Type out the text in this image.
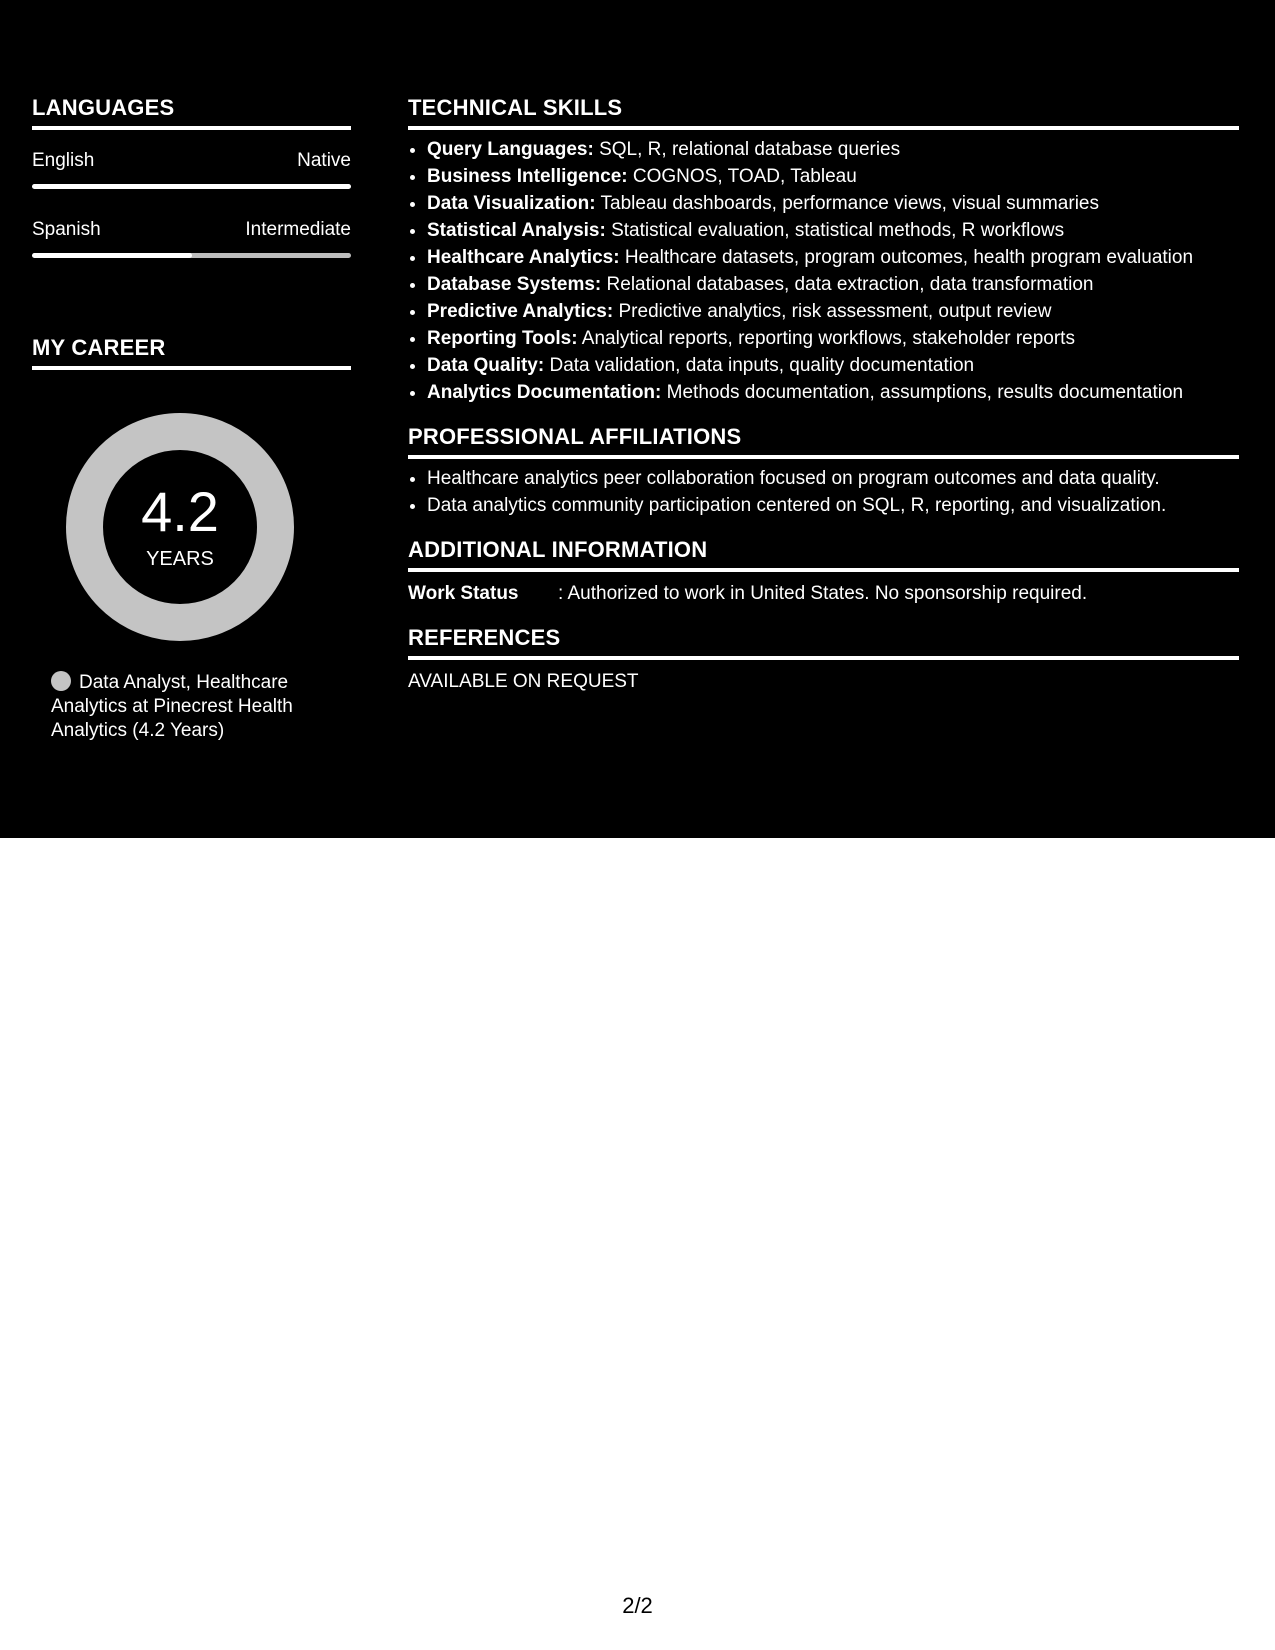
LANGUAGES
English	Native
Spanish	Intermediate
MY CAREER
4.2
YEARS
Data Analyst, Healthcare Analytics at Pinecrest Health Analytics (4.2 Years)
TECHNICAL SKILLS
• Query Languages: SQL, R, relational database queries
• Business Intelligence: COGNOS, TOAD, Tableau
• Data Visualization: Tableau dashboards, performance views, visual summaries
• Statistical Analysis: Statistical evaluation, statistical methods, R workflows
• Healthcare Analytics: Healthcare datasets, program outcomes, health program evaluation
• Database Systems: Relational databases, data extraction, data transformation
• Predictive Analytics: Predictive analytics, risk assessment, output review
• Reporting Tools: Analytical reports, reporting workflows, stakeholder reports
• Data Quality: Data validation, data inputs, quality documentation
• Analytics Documentation: Methods documentation, assumptions, results documentation
PROFESSIONAL AFFILIATIONS
• Healthcare analytics peer collaboration focused on program outcomes and data quality.
• Data analytics community participation centered on SQL, R, reporting, and visualization.
ADDITIONAL INFORMATION
Work Status	: Authorized to work in United States. No sponsorship required.
REFERENCES
AVAILABLE ON REQUEST
2/2
